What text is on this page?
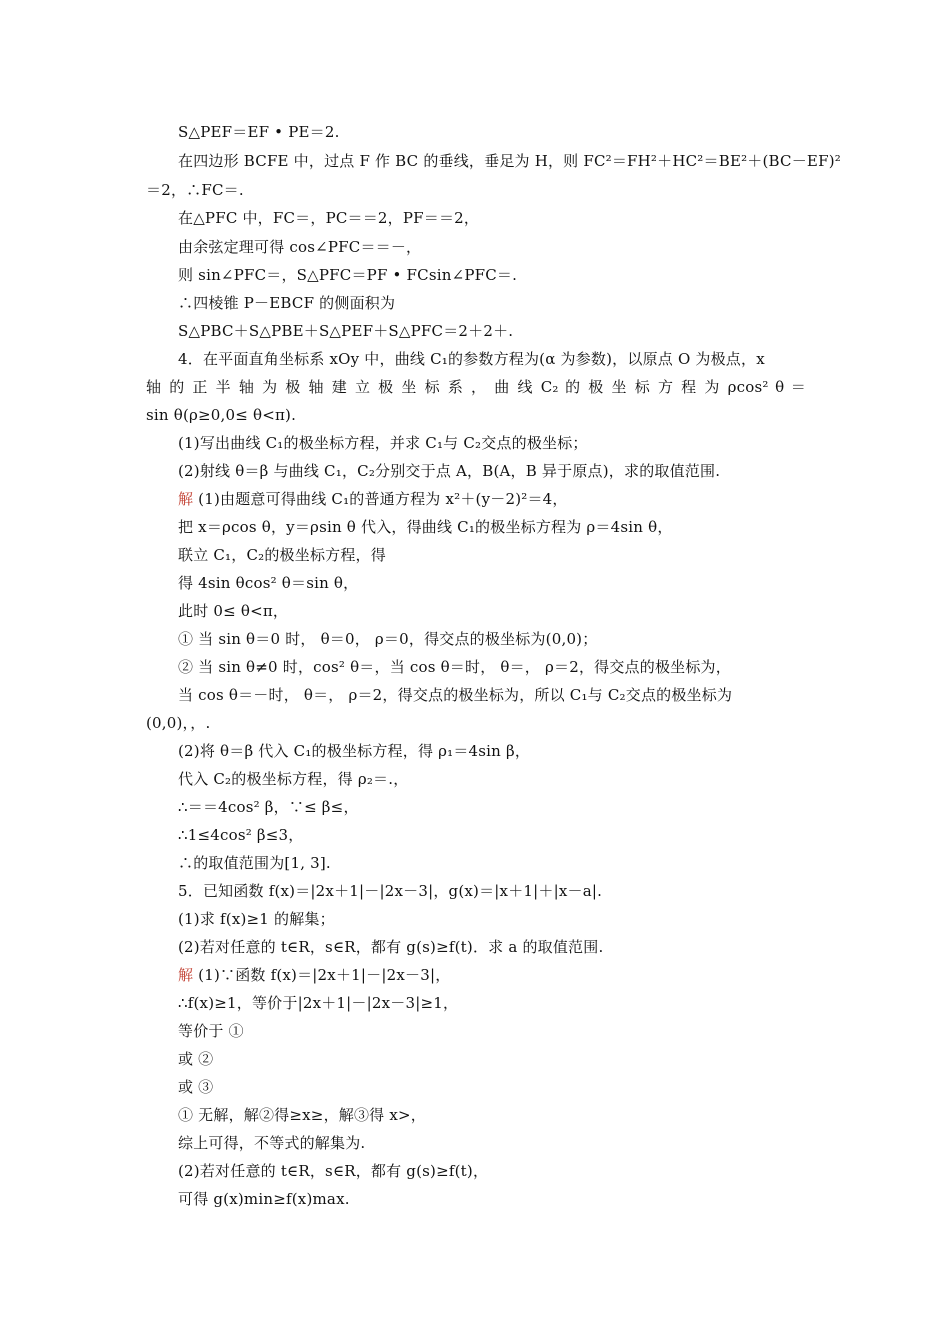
S△PEF＝EF • PE＝2.
在四边形 BCFE 中，过点 F 作 BC 的垂线，垂足为 H，则 FC²＝FH²＋HC²＝BE²＋(BC－EF)²
＝2，∴FC＝.
在△PFC 中，FC＝，PC＝＝2，PF＝＝2，
由余弦定理可得 cos∠PFC＝＝－，
则 sin∠PFC＝，S△PFC＝PF • FCsin∠PFC＝.
∴四棱锥 P－EBCF 的侧面积为
S△PBC＋S△PBE＋S△PEF＋S△PFC＝2＋2＋.
4．在平面直角坐标系 xOy 中，曲线 C₁的参数方程为(α 为参数)，以原点 O 为极点，x
轴 的 正 半 轴 为 极 轴 建 立 极 坐 标 系 ， 曲 线 C₂ 的 极 坐 标 方 程 为 ρcos² θ ＝
sin θ(ρ≥0,0≤ θ<π).
(1)写出曲线 C₁的极坐标方程，并求 C₁与 C₂交点的极坐标；
(2)射线 θ＝β 与曲线 C₁，C₂分别交于点 A，B(A，B 异于原点)，求的取值范围.
解 (1)由题意可得曲线 C₁的普通方程为 x²＋(y－2)²＝4，
把 x＝ρcos θ，y＝ρsin θ 代入，得曲线 C₁的极坐标方程为 ρ＝4sin θ，
联立 C₁，C₂的极坐标方程，得
得 4sin θcos² θ＝sin θ，
此时 0≤ θ<π，
① 当 sin θ＝0 时， θ＝0， ρ＝0，得交点的极坐标为(0,0)；
② 当 sin θ≠0 时，cos² θ＝，当 cos θ＝时， θ＝， ρ＝2，得交点的极坐标为，
当 cos θ＝－时， θ＝， ρ＝2，得交点的极坐标为，所以 C₁与 C₂交点的极坐标为
(0,0)，，.
(2)将 θ＝β 代入 C₁的极坐标方程，得 ρ₁＝4sin β，
代入 C₂的极坐标方程，得 ρ₂＝.，
∴＝＝4cos² β，∵≤ β≤，
∴1≤4cos² β≤3，
∴的取值范围为[1, 3].
5．已知函数 f(x)＝|2x＋1|－|2x－3|，g(x)＝|x＋1|＋|x－a|.
(1)求 f(x)≥1 的解集；
(2)若对任意的 t∈R，s∈R，都有 g(s)≥f(t)．求 a 的取值范围.
解 (1)∵函数 f(x)＝|2x＋1|－|2x－3|，
∴f(x)≥1，等价于|2x＋1|－|2x－3|≥1，
等价于 ①
或 ②
或 ③
① 无解，解②得≥x≥，解③得 x>，
综上可得，不等式的解集为.
(2)若对任意的 t∈R，s∈R，都有 g(s)≥f(t)，
可得 g(x)min≥f(x)max.
